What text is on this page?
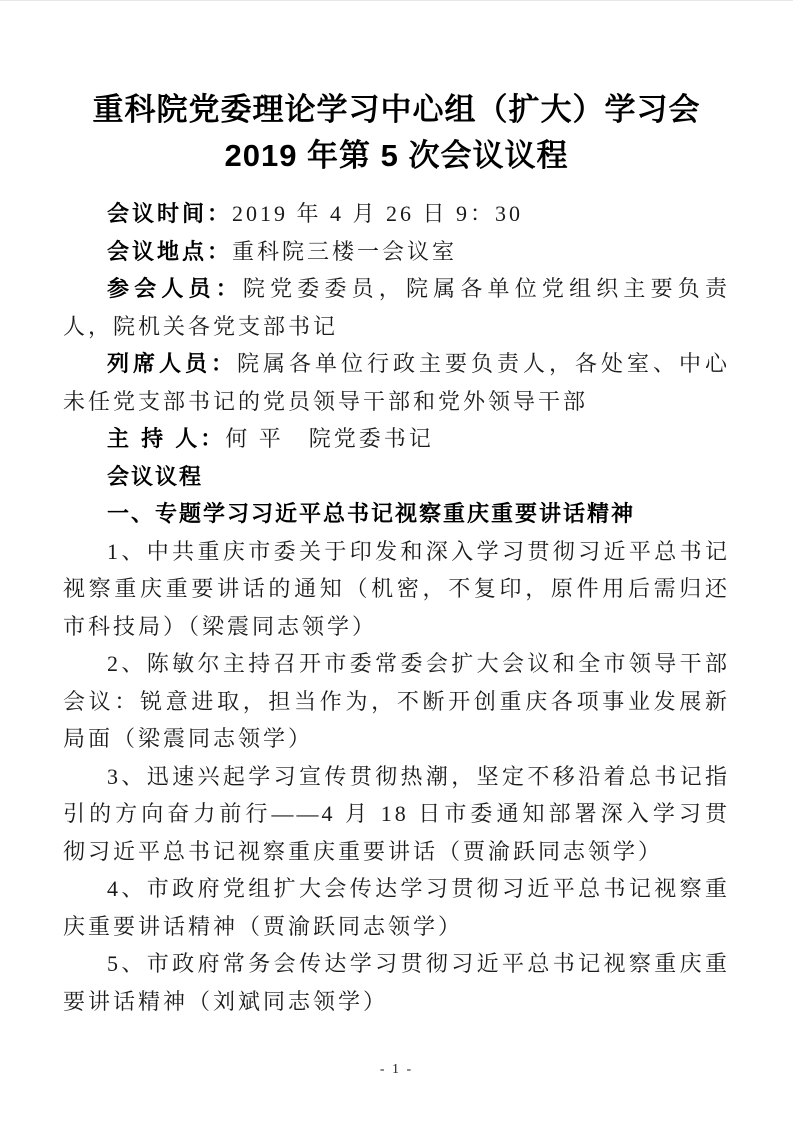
重科院党委理论学习中心组（扩大）学习会
2019 年第 5 次会议议程

会议时间：2019 年 4 月 26 日 9：30

会议地点：重科院三楼一会议室

参会人员：院党委委员，院属各单位党组织主要负责人，院机关各党支部书记

列席人员：院属各单位行政主要负责人，各处室、中心未任党支部书记的党员领导干部和党外领导干部

主 持 人：何 平　院党委书记

会议议程

一、专题学习习近平总书记视察重庆重要讲话精神

1、中共重庆市委关于印发和深入学习贯彻习近平总书记视察重庆重要讲话的通知（机密，不复印，原件用后需归还市科技局）（梁震同志领学）

2、陈敏尔主持召开市委常委会扩大会议和全市领导干部会议：锐意进取，担当作为，不断开创重庆各项事业发展新局面（梁震同志领学）

3、迅速兴起学习宣传贯彻热潮，坚定不移沿着总书记指引的方向奋力前行——4 月 18 日市委通知部署深入学习贯彻习近平总书记视察重庆重要讲话（贾渝跃同志领学）

4、市政府党组扩大会传达学习贯彻习近平总书记视察重庆重要讲话精神（贾渝跃同志领学）

5、市政府常务会传达学习贯彻习近平总书记视察重庆重要讲话精神（刘斌同志领学）

- 1 -
